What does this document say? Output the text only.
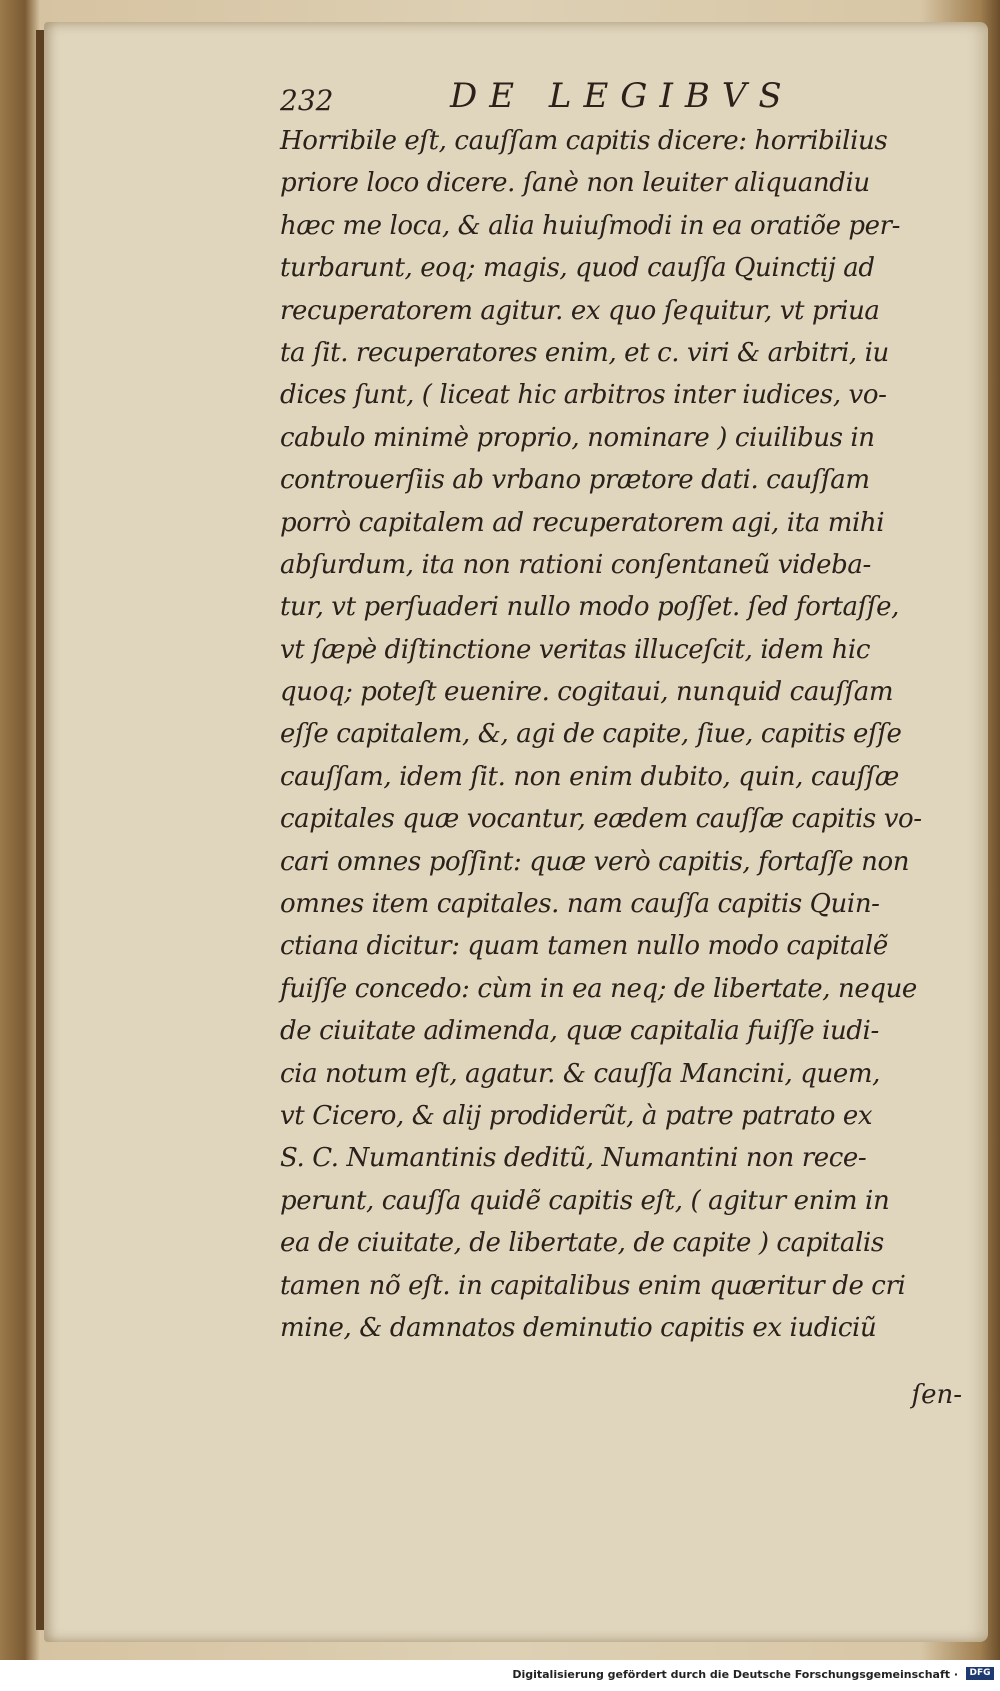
232	DE LEGIBVS
Horribile eſt, cauſſam capitis dicere: horribilius
priore loco dicere. ſanè non leuiter aliquandiu
hæc me loca, & alia huiuſmodi in ea oratiõe per-
turbarunt, eoq; magis, quod cauſſa Quinctij ad
recuperatorem agitur. ex quo ſequitur, vt priua
ta ſit. recuperatores enim, et c. viri & arbitri, iu
dices ſunt, ( liceat hic arbitros inter iudices, vo-
cabulo minimè proprio, nominare ) ciuilibus in
controuerſiis ab vrbano prætore dati. cauſſam
porrò capitalem ad recuperatorem agi, ita mihi
abſurdum, ita non rationi conſentaneũ videba-
tur, vt perſuaderi nullo modo poſſet. ſed fortaſſe,
vt ſæpè diſtinctione veritas illuceſcit, idem hic
quoq; poteſt euenire. cogitaui, nunquid cauſſam
eſſe capitalem, &, agi de capite, ſiue, capitis eſſe
cauſſam, idem ſit. non enim dubito, quin, cauſſæ
capitales quæ vocantur, eædem cauſſæ capitis vo-
cari omnes poſſint: quæ verò capitis, fortaſſe non
omnes item capitales. nam cauſſa capitis Quin-
ctiana dicitur: quam tamen nullo modo capitalẽ
fuiſſe concedo: cùm in ea neq; de libertate, neque
de ciuitate adimenda, quæ capitalia fuiſſe iudi-
cia notum eſt, agatur. & cauſſa Mancini, quem,
vt Cicero, & alij prodiderũt, à patre patrato ex
S. C. Numantinis deditũ, Numantini non rece-
perunt, cauſſa quidẽ capitis eſt, ( agitur enim in
ea de ciuitate, de libertate, de capite ) capitalis
tamen nõ eſt. in capitalibus enim quæritur de cri
mine, & damnatos deminutio capitis ex iudiciũ
ſen-
Digitalisierung gefördert durch die Deutsche Forschungsgemeinschaft ·	DFG
